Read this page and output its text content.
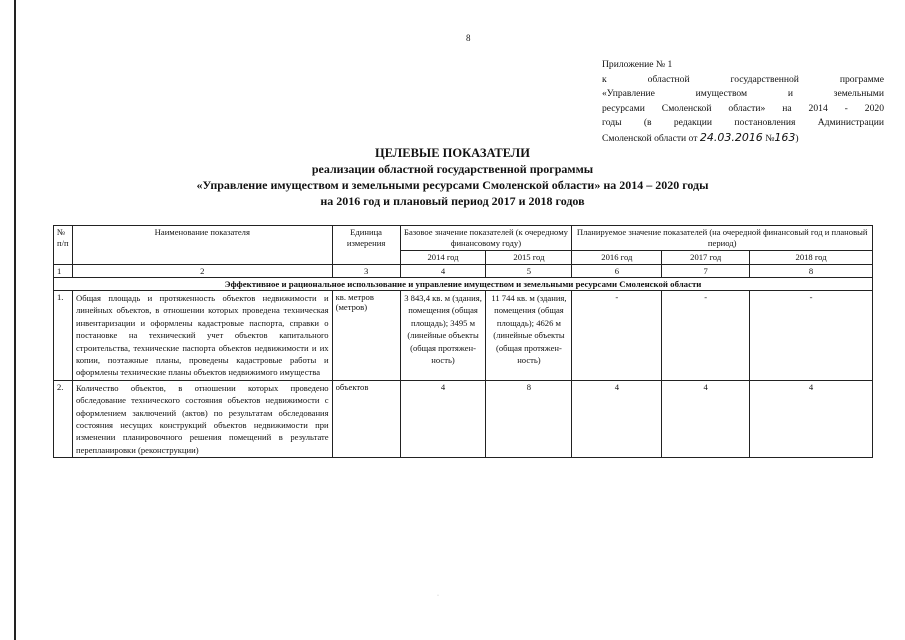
8
Приложение № 1
к областной государственной программе
«Управление имуществом и земельными
ресурсами Смоленской области» на 2014 - 2020
годы (в редакции постановления Администрации
Смоленской области от 24.03.2016 №163)
ЦЕЛЕВЫЕ ПОКАЗАТЕЛИ
реализации областной государственной программы
«Управление имуществом и земельными ресурсами Смоленской области» на 2014 – 2020 годы
на 2016 год и плановый период 2017 и 2018 годов
№ п/п	Наименование показателя	Единица измерения	Базовое значение показателей (к очередному финансовому году)		Планируемое значение показателей (на очередной финансовый год и плановый период)		
			2014 год	2015 год	2016 год	2017 год	2018 год
1	2	3	4	5	6	7	8
Эффективное и рациональное использование и управление имуществом и земельными ресурсами Смоленской области							
1.	Общая площадь и протяженность объектов недвижимости и линейных объектов, в отношении которых проведена техническая инвентаризации и оформлены кадастровые паспорта, справки о постановке на технический учет объектов капитального строительства, технические паспорта объектов недвижимости и их копии, поэтажные планы, проведены кадастровые работы и оформлены технические планы объектов недвижимого имущества	кв. метров (метров)	3 843,4 кв. м (здания, помещения (общая площадь); 3495 м (линейные объекты (общая протяжен-ность)	11 744 кв. м (здания, помещения (общая площадь); 4626 м (линейные объекты (общая протяжен-ность)	-	-	-
2.	Количество объектов, в отношении которых проведено обследование технического состояния объектов недвижимости с оформлением заключений (актов) по результатам обследования состояния несущих конструкций объектов недвижимости при изменении планировочного решения помещений в результате перепланировки (реконструкции)	объектов	4	8	4	4	4
·
